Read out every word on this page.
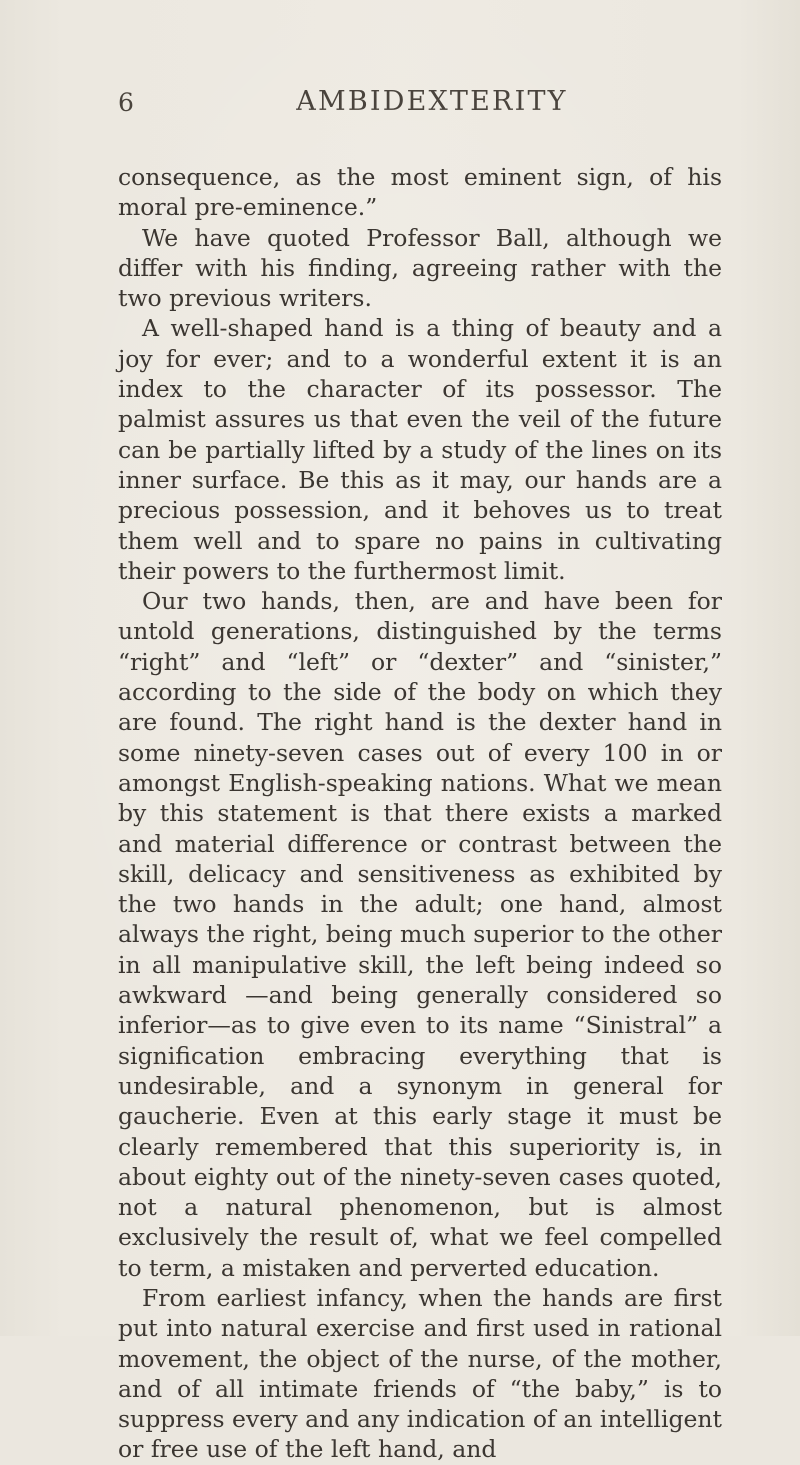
6	AMBIDEXTERITY

consequence, as the most eminent sign, of his moral pre-eminence.”

We have quoted Professor Ball, although we differ with his finding, agreeing rather with the two previous writers.

A well-shaped hand is a thing of beauty and a joy for ever; and to a wonderful extent it is an index to the character of its possessor. The palmist assures us that even the veil of the future can be partially lifted by a study of the lines on its inner surface. Be this as it may, our hands are a precious possession, and it behoves us to treat them well and to spare no pains in cultivating their powers to the furthermost limit.

Our two hands, then, are and have been for untold generations, distinguished by the terms “right” and “left” or “dexter” and “sinister,” according to the side of the body on which they are found. The right hand is the dexter hand in some ninety-seven cases out of every 100 in or amongst English-speaking nations. What we mean by this statement is that there exists a marked and material difference or contrast between the skill, delicacy and sensitiveness as exhibited by the two hands in the adult; one hand, almost always the right, being much superior to the other in all manipulative skill, the left being indeed so awkward —and being generally considered so inferior—as to give even to its name “Sinistral” a signification embracing everything that is undesirable, and a synonym in general for gaucherie. Even at this early stage it must be clearly remembered that this superiority is, in about eighty out of the ninety-seven cases quoted, not a natural phenomenon, but is almost exclusively the result of, what we feel compelled to term, a mistaken and perverted education.

From earliest infancy, when the hands are first put into natural exercise and first used in rational movement, the object of the nurse, of the mother, and of all intimate friends of “the baby,” is to suppress every and any indication of an intelligent or free use of the left hand, and
